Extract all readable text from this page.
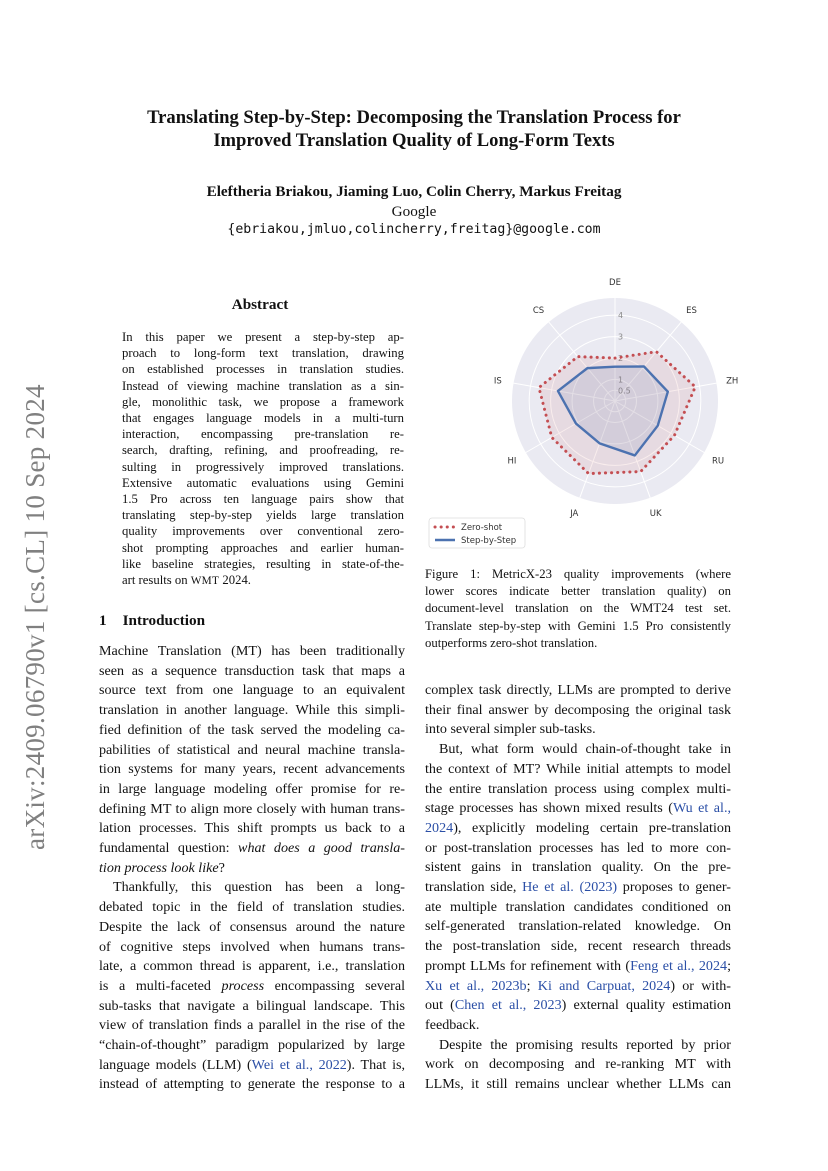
arXiv:2409.06790v1 [cs.CL] 10 Sep 2024
Translating Step-by-Step: Decomposing the Translation Process for
Improved Translation Quality of Long-Form Texts
Eleftheria Briakou, Jiaming Luo, Colin Cherry, Markus Freitag
Google
{ebriakou,jmluo,colincherry,freitag}@google.com
Abstract
In this paper we present a step-by-step ap-
proach to long-form text translation, drawing
on established processes in translation studies.
Instead of viewing machine translation as a sin-
gle, monolithic task, we propose a framework
that engages language models in a multi-turn
interaction, encompassing pre-translation re-
search, drafting, refining, and proofreading, re-
sulting in progressively improved translations.
Extensive automatic evaluations using Gemini
1.5 Pro across ten language pairs show that
translating step-by-step yields large translation
quality improvements over conventional zero-
shot prompting approaches and earlier human-
like baseline strategies, resulting in state-of-the-
art results on WMT 2024.
1 Introduction
Machine Translation (MT) has been traditionally
seen as a sequence transduction task that maps a
source text from one language to an equivalent
translation in another language. While this simpli-
fied definition of the task served the modeling ca-
pabilities of statistical and neural machine transla-
tion systems for many years, recent advancements
in large language modeling offer promise for re-
defining MT to align more closely with human trans-
lation processes. This shift prompts us back to a
fundamental question: what does a good transla-
tion process look like?
Thankfully, this question has been a long-
debated topic in the field of translation studies.
Despite the lack of consensus around the nature
of cognitive steps involved when humans trans-
late, a common thread is apparent, i.e., translation
is a multi-faceted process encompassing several
sub-tasks that navigate a bilingual landscape. This
view of translation finds a parallel in the rise of the
“chain-of-thought” paradigm popularized by large
language models (LLM) (Wei et al., 2022). That is,
instead of attempting to generate the response to a
complex task directly, LLMs are prompted to derive
their final answer by decomposing the original task
into several simpler sub-tasks.
But, what form would chain-of-thought take in
the context of MT? While initial attempts to model
the entire translation process using complex multi-
stage processes has shown mixed results (Wu et al.,
2024), explicitly modeling certain pre-translation
or post-translation processes has led to more con-
sistent gains in translation quality. On the pre-
translation side, He et al. (2023) proposes to gener-
ate multiple translation candidates conditioned on
self-generated translation-related knowledge. On
the post-translation side, recent research threads
prompt LLMs for refinement with (Feng et al., 2024;
Xu et al., 2023b; Ki and Carpuat, 2024) or with-
out (Chen et al., 2023) external quality estimation
feedback.
Despite the promising results reported by prior
work on decomposing and re-ranking MT with
LLMs, it still remains unclear whether LLMs can
3
4
DE
ES
ZH
RU
UK
JA
HI
IS
CS
Zero-shot
Step-by-Step
Figure 1: MetricX-23 quality improvements (where
lower scores indicate better translation quality) on
document-level translation on the WMT24 test set.
Translate step-by-step with Gemini 1.5 Pro consistently
outperforms zero-shot translation.
